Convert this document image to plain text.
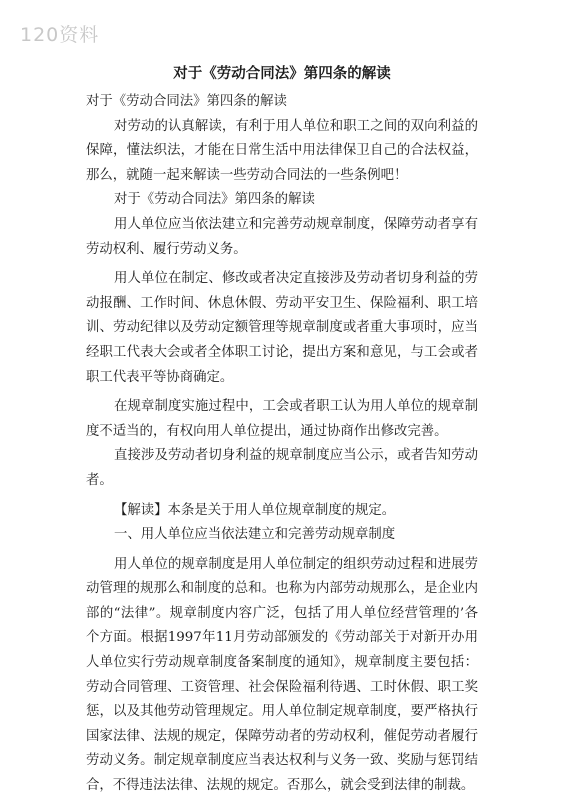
120资料
对于《劳动合同法》第四条的解读

对于《劳动合同法》第四条的解读

对劳动的认真解读，有利于用人单位和职工之间的双向利益的保障，懂法织法，才能在日常生活中用法律保卫自己的合法权益，那么，就随一起来解读一些劳动合同法的一些条例吧！

对于《劳动合同法》第四条的解读

用人单位应当依法建立和完善劳动规章制度，保障劳动者享有劳动权利、履行劳动义务。

用人单位在制定、修改或者决定直接涉及劳动者切身利益的劳动报酬、工作时间、休息休假、劳动平安卫生、保险福利、职工培训、劳动纪律以及劳动定额管理等规章制度或者重大事项时，应当经职工代表大会或者全体职工讨论，提出方案和意见，与工会或者职工代表平等协商确定。

在规章制度实施过程中，工会或者职工认为用人单位的规章制度不适当的，有权向用人单位提出，通过协商作出修改完善。

直接涉及劳动者切身利益的规章制度应当公示，或者告知劳动者。

【解读】本条是关于用人单位规章制度的规定。

一、用人单位应当依法建立和完善劳动规章制度

用人单位的规章制度是用人单位制定的组织劳动过程和进展劳动管理的规那么和制度的总和。也称为内部劳动规那么，是企业内部的“法律”。规章制度内容广泛，包括了用人单位经营管理的’各个方面。根据1997年11月劳动部颁发的《劳动部关于对新开办用人单位实行劳动规章制度备案制度的通知》，规章制度主要包括：劳动合同管理、工资管理、社会保险福利待遇、工时休假、职工奖惩，以及其他劳动管理规定。用人单位制定规章制度，要严格执行国家法律、法规的规定，保障劳动者的劳动权利，催促劳动者履行劳动义务。制定规章制度应当表达权利与义务一致、奖励与惩罚结合，不得违法法律、法规的规定。否那么，就会受到法律的制裁。
